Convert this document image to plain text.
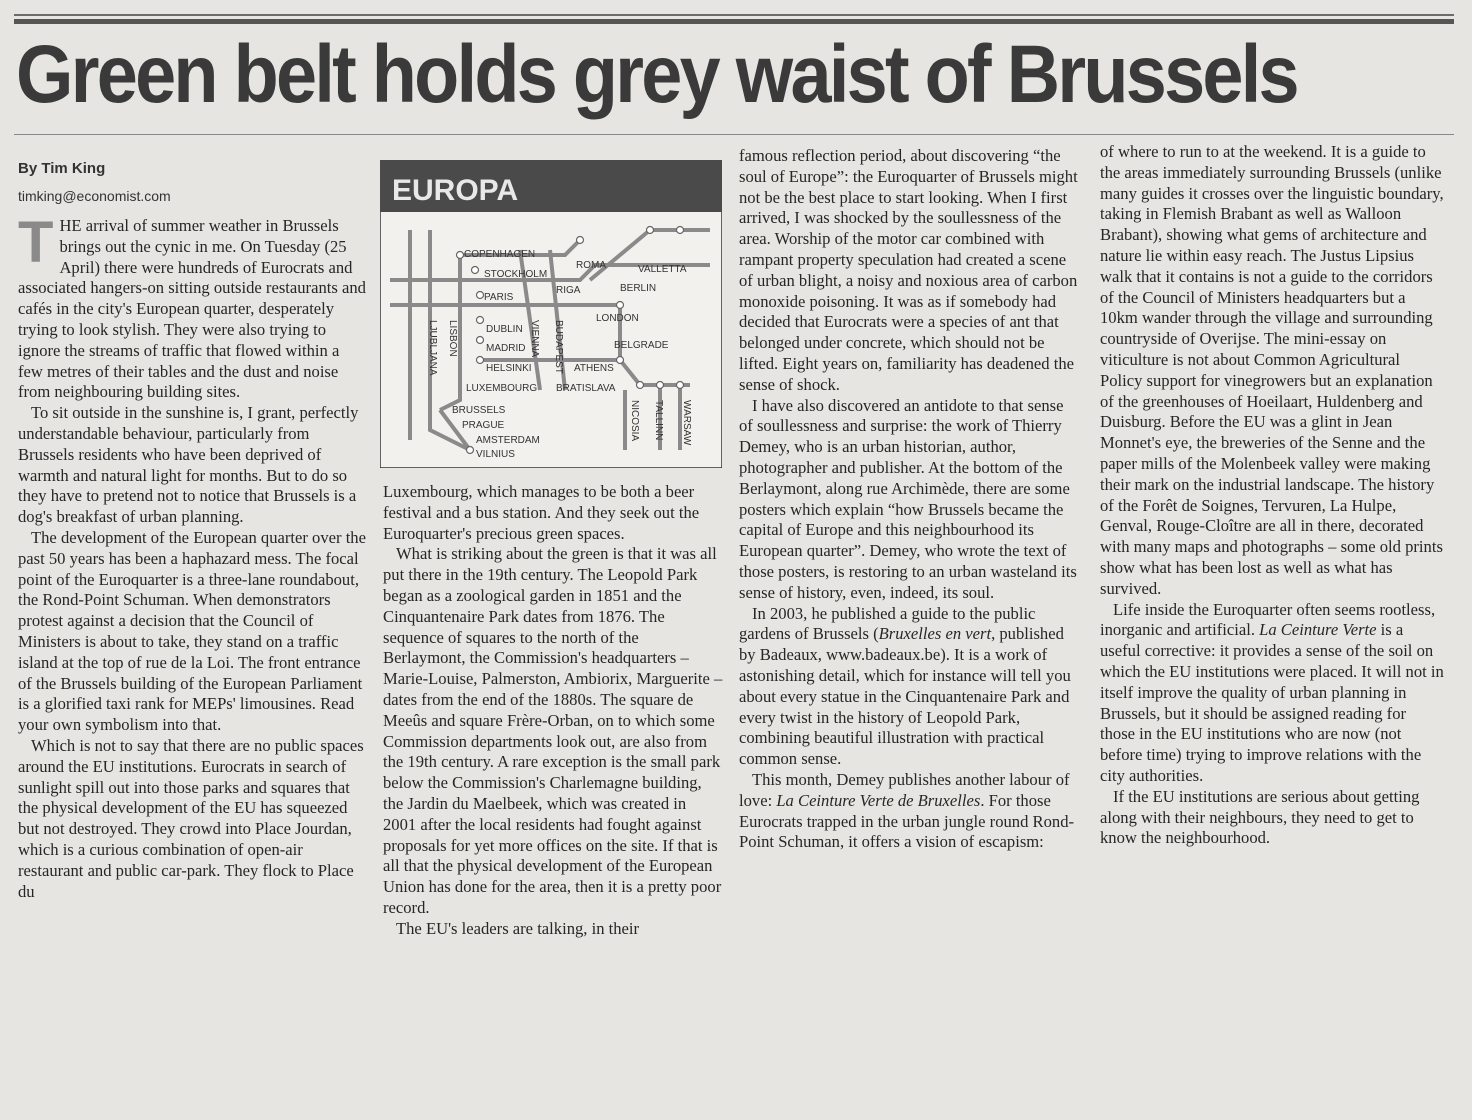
Green belt holds grey waist of Brussels
By Tim King
timking@economist.com

THE arrival of summer weather in Brussels brings out the cynic in me. On Tuesday (25 April) there were hundreds of Eurocrats and associated hangers-on sitting outside restaurants and cafés in the city's European quarter, desperately trying to look stylish. They were also trying to ignore the streams of traffic that flowed within a few metres of their tables and the dust and noise from neighbouring building sites.

To sit outside in the sunshine is, I grant, perfectly understandable behaviour, particularly from Brussels residents who have been deprived of warmth and natural light for months. But to do so they have to pretend not to notice that Brussels is a dog's breakfast of urban planning.

The development of the European quarter over the past 50 years has been a haphazard mess. The focal point of the Euroquarter is a three-lane roundabout, the Rond-Point Schuman. When demonstrators protest against a decision that the Council of Ministers is about to take, they stand on a traffic island at the top of rue de la Loi. The front entrance of the Brussels building of the European Parliament is a glorified taxi rank for MEPs' limousines. Read your own symbolism into that.

Which is not to say that there are no public spaces around the EU institutions. Eurocrats in search of sunlight spill out into those parks and squares that the physical development of the EU has squeezed but not destroyed. They crowd into Place Jourdan, which is a curious combination of open-air restaurant and public car-park. They flock to Place du

EUROPA
COPENHAGEN
STOCKHOLM
PARIS
ROMA	VALLETTA
RIGA	BERLIN
LONDON
DUBLIN
MADRID
HELSINKI
BELGRADE
ATHENS
LUXEMBOURG BRATISLAVA
BRUSSELS
PRAGUE
AMSTERDAM
VILNIUS
LJUBLJANA LISBON	VIENNA BUDAPEST
NICOSIA TALLINN WARSAW

Luxembourg, which manages to be both a beer festival and a bus station. And they seek out the Euroquarter's precious green spaces.

What is striking about the green is that it was all put there in the 19th century. The Leopold Park began as a zoological garden in 1851 and the Cinquantenaire Park dates from 1876. The sequence of squares to the north of the Berlaymont, the Commission's headquarters – Marie-Louise, Palmerston, Ambiorix, Marguerite – dates from the end of the 1880s. The square de Meeûs and square Frère-Orban, on to which some Commission departments look out, are also from the 19th century. A rare exception is the small park below the Commission's Charlemagne building, the Jardin du Maelbeek, which was created in 2001 after the local residents had fought against proposals for yet more offices on the site. If that is all that the physical development of the European Union has done for the area, then it is a pretty poor record.

The EU's leaders are talking, in their

famous reflection period, about discovering “the soul of Europe”: the Euroquarter of Brussels might not be the best place to start looking. When I first arrived, I was shocked by the soullessness of the area. Worship of the motor car combined with rampant property speculation had created a scene of urban blight, a noisy and noxious area of carbon monoxide poisoning. It was as if somebody had decided that Eurocrats were a species of ant that belonged under concrete, which should not be lifted. Eight years on, familiarity has deadened the sense of shock.

I have also discovered an antidote to that sense of soullessness and surprise: the work of Thierry Demey, who is an urban historian, author, photographer and publisher. At the bottom of the Berlaymont, along rue Archimède, there are some posters which explain “how Brussels became the capital of Europe and this neighbourhood its European quarter”. Demey, who wrote the text of those posters, is restoring to an urban wasteland its sense of history, even, indeed, its soul.

In 2003, he published a guide to the public gardens of Brussels (Bruxelles en vert, published by Badeaux, www.badeaux.be). It is a work of astonishing detail, which for instance will tell you about every statue in the Cinquantenaire Park and every twist in the history of Leopold Park, combining beautiful illustration with practical common sense.

This month, Demey publishes another labour of love: La Ceinture Verte de Bruxelles. For those Eurocrats trapped in the urban jungle round Rond-Point Schuman, it offers a vision of escapism:

of where to run to at the weekend. It is a guide to the areas immediately surrounding Brussels (unlike many guides it crosses over the linguistic boundary, taking in Flemish Brabant as well as Walloon Brabant), showing what gems of architecture and nature lie within easy reach. The Justus Lipsius walk that it contains is not a guide to the corridors of the Council of Ministers headquarters but a 10km wander through the village and surrounding countryside of Overijse. The mini-essay on viticulture is not about Common Agricultural Policy support for vinegrowers but an explanation of the greenhouses of Hoeilaart, Huldenberg and Duisburg. Before the EU was a glint in Jean Monnet's eye, the breweries of the Senne and the paper mills of the Molenbeek valley were making their mark on the industrial landscape. The history of the Forêt de Soignes, Tervuren, La Hulpe, Genval, Rouge-Cloître are all in there, decorated with many maps and photographs – some old prints show what has been lost as well as what has survived.

Life inside the Euroquarter often seems rootless, inorganic and artificial. La Ceinture Verte is a useful corrective: it provides a sense of the soil on which the EU institutions were placed. It will not in itself improve the quality of urban planning in Brussels, but it should be assigned reading for those in the EU institutions who are now (not before time) trying to improve relations with the city authorities.

If the EU institutions are serious about getting along with their neighbours, they need to get to know the neighbourhood.
